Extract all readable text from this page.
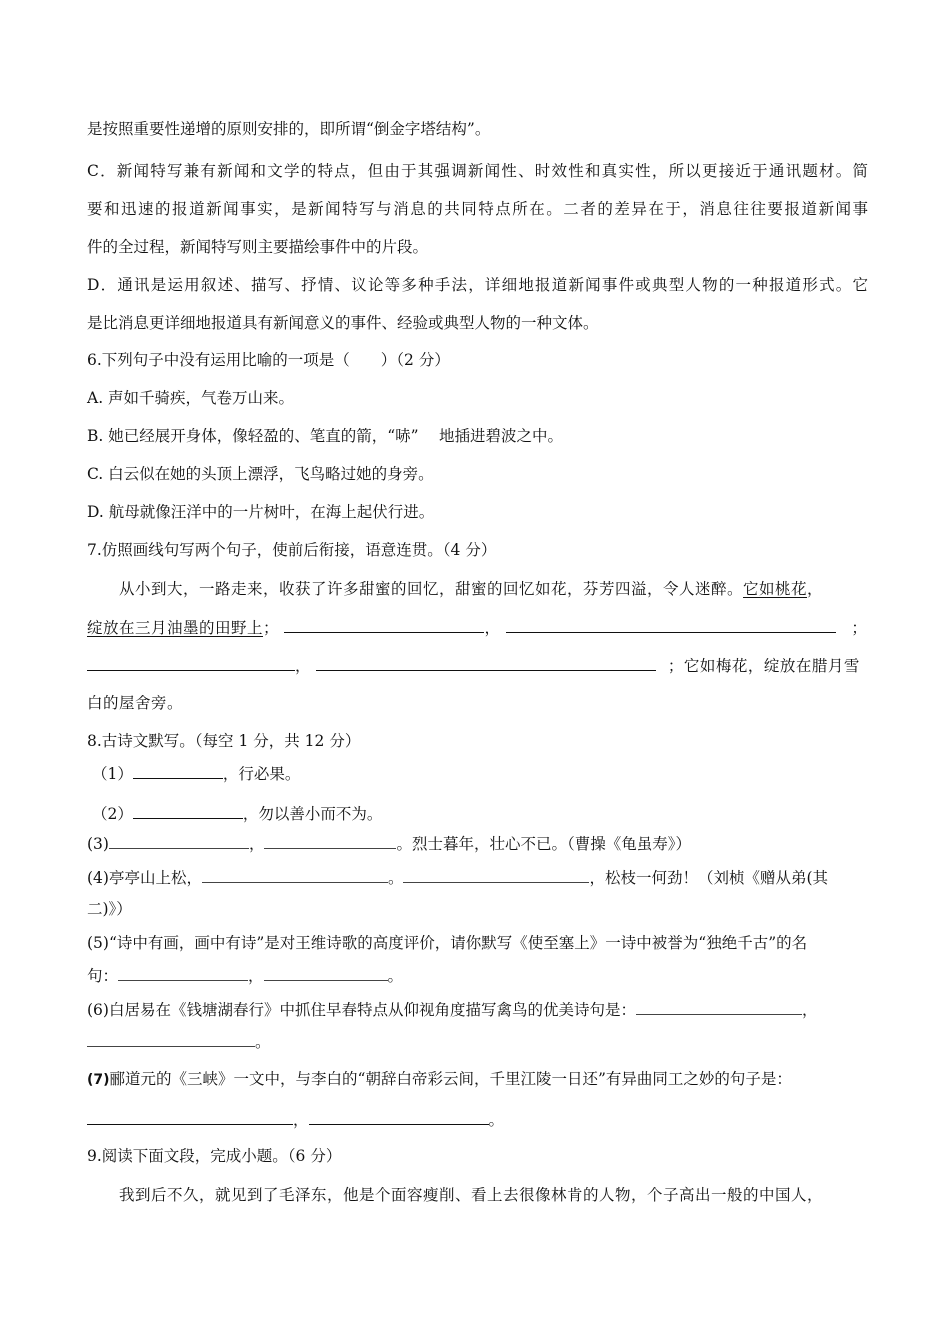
是按照重要性递增的原则安排的，即所谓“倒金字塔结构”。
C．新闻特写兼有新闻和文学的特点，但由于其强调新闻性、时效性和真实性，所以更接近于通讯题材。简
要和迅速的报道新闻事实，是新闻特写与消息的共同特点所在。二者的差异在于，消息往往要报道新闻事
件的全过程，新闻特写则主要描绘事件中的片段。
D．通讯是运用叙述、描写、抒情、议论等多种手法，详细地报道新闻事件或典型人物的一种报道形式。它
是比消息更详细地报道具有新闻意义的事件、经验或典型人物的一种文体。
6.下列句子中没有运用比喻的一项是（　　）（2 分）
A. 声如千骑疾，气卷万山来。
B. 她已经展开身体，像轻盈的、笔直的箭，“哧”　 地插进碧波之中。
C. 白云似在她的头顶上漂浮，飞鸟略过她的身旁。
D. 航母就像汪洋中的一片树叶，在海上起伏行进。
7.仿照画线句写两个句子，使前后衔接，语意连贯。（4 分）
从小到大，一路走来，收获了许多甜蜜的回忆，甜蜜的回忆如花，芬芳四溢，令人迷醉。它如桃花，
绽放在三月油墨的田野上；	，	；
，	；它如梅花，绽放在腊月雪
白的屋舍旁。
8.古诗文默写。（每空 1 分，共 12 分）
（1）	，行必果。
（2）	，勿以善小而不为。
(3)	，	。烈士暮年，壮心不已。（曹操《龟虽寿》）
(4)亭亭山上松，	。	，松枝一何劲！（刘桢《赠从弟(其
二)》）
(5)“诗中有画，画中有诗”是对王维诗歌的高度评价，请你默写《使至塞上》一诗中被誉为“独绝千古”的名
句：	，	。
(6)白居易在《钱塘湖春行》中抓住早春特点从仰视角度描写禽鸟的优美诗句是：	，
。
(7)郦道元的《三峡》一文中，与李白的“朝辞白帝彩云间，千里江陵一日还”有异曲同工之妙的句子是：
，	。
9.阅读下面文段，完成小题。（6 分）
我到后不久，就见到了毛泽东，他是个面容瘦削、看上去很像林肯的人物，个子高出一般的中国人，
